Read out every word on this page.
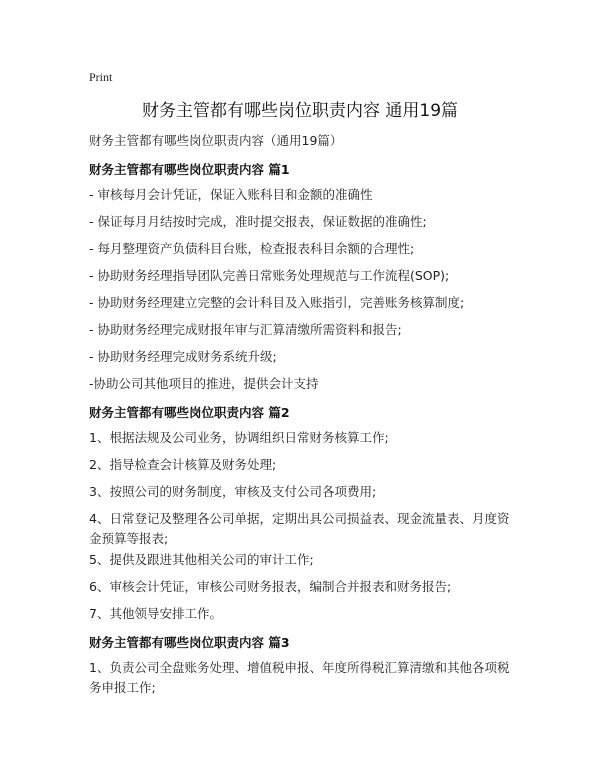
Print
财务主管都有哪些岗位职责内容 通用19篇
财务主管都有哪些岗位职责内容（通用19篇）
财务主管都有哪些岗位职责内容 篇1
- 审核每月会计凭证，保证入账科目和金额的准确性
- 保证每月月结按时完成，准时提交报表，保证数据的准确性;
- 每月整理资产负债科目台账，检查报表科目余额的合理性;
- 协助财务经理指导团队完善日常账务处理规范与工作流程(SOP);
- 协助财务经理建立完整的会计科目及入账指引，完善账务核算制度;
- 协助财务经理完成财报年审与汇算清缴所需资料和报告;
- 协助财务经理完成财务系统升级;
-协助公司其他项目的推进，提供会计支持
财务主管都有哪些岗位职责内容 篇2
1、根据法规及公司业务，协调组织日常财务核算工作;
2、指导检查会计核算及财务处理;
3、按照公司的财务制度，审核及支付公司各项费用;
4、日常登记及整理各公司单据，定期出具公司损益表、现金流量表、月度资金预算等报表;
5、提供及跟进其他相关公司的审计工作;
6、审核会计凭证，审核公司财务报表，编制合并报表和财务报告;
7、其他领导安排工作。
财务主管都有哪些岗位职责内容 篇3
1、负责公司全盘账务处理、增值税申报、年度所得税汇算清缴和其他各项税务申报工作;
